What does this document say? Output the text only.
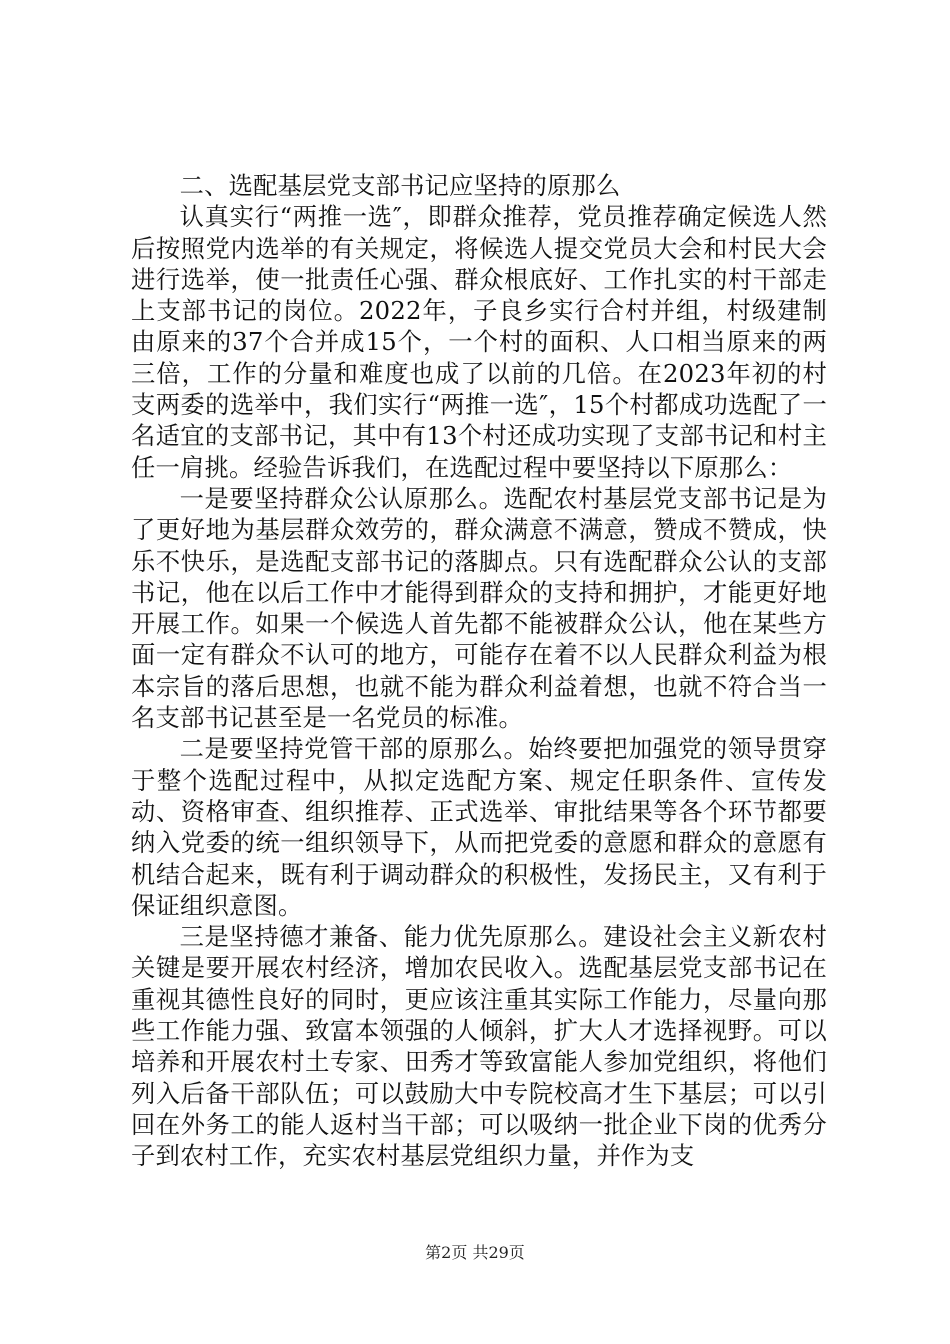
二、选配基层党支部书记应坚持的原那么

认真实行“两推一选″，即群众推荐，党员推荐确定候选人然后按照党内选举的有关规定，将候选人提交党员大会和村民大会进行选举，使一批责任心强、群众根底好、工作扎实的村干部走上支部书记的岗位。2022年，子良乡实行合村并组，村级建制由原来的37个合并成15个，一个村的面积、人口相当原来的两三倍，工作的分量和难度也成了以前的几倍。在2023年初的村支两委的选举中，我们实行“两推一选″，15个村都成功选配了一名适宜的支部书记，其中有13个村还成功实现了支部书记和村主任一肩挑。经验告诉我们，在选配过程中要坚持以下原那么：

一是要坚持群众公认原那么。选配农村基层党支部书记是为了更好地为基层群众效劳的，群众满意不满意，赞成不赞成，快乐不快乐，是选配支部书记的落脚点。只有选配群众公认的支部书记，他在以后工作中才能得到群众的支持和拥护，才能更好地开展工作。如果一个候选人首先都不能被群众公认，他在某些方面一定有群众不认可的地方，可能存在着不以人民群众利益为根本宗旨的落后思想，也就不能为群众利益着想，也就不符合当一名支部书记甚至是一名党员的标准。

二是要坚持党管干部的原那么。始终要把加强党的领导贯穿于整个选配过程中，从拟定选配方案、规定任职条件、宣传发动、资格审查、组织推荐、正式选举、审批结果等各个环节都要纳入党委的统一组织领导下，从而把党委的意愿和群众的意愿有机结合起来，既有利于调动群众的积极性，发扬民主，又有利于保证组织意图。

三是坚持德才兼备、能力优先原那么。建设社会主义新农村关键是要开展农村经济，增加农民收入。选配基层党支部书记在重视其德性良好的同时，更应该注重其实际工作能力，尽量向那些工作能力强、致富本领强的人倾斜，扩大人才选择视野。可以培养和开展农村土专家、田秀才等致富能人参加党组织，将他们列入后备干部队伍；可以鼓励大中专院校高才生下基层；可以引回在外务工的能人返村当干部；可以吸纳一批企业下岗的优秀分子到农村工作，充实农村基层党组织力量，并作为支

第2页 共29页
